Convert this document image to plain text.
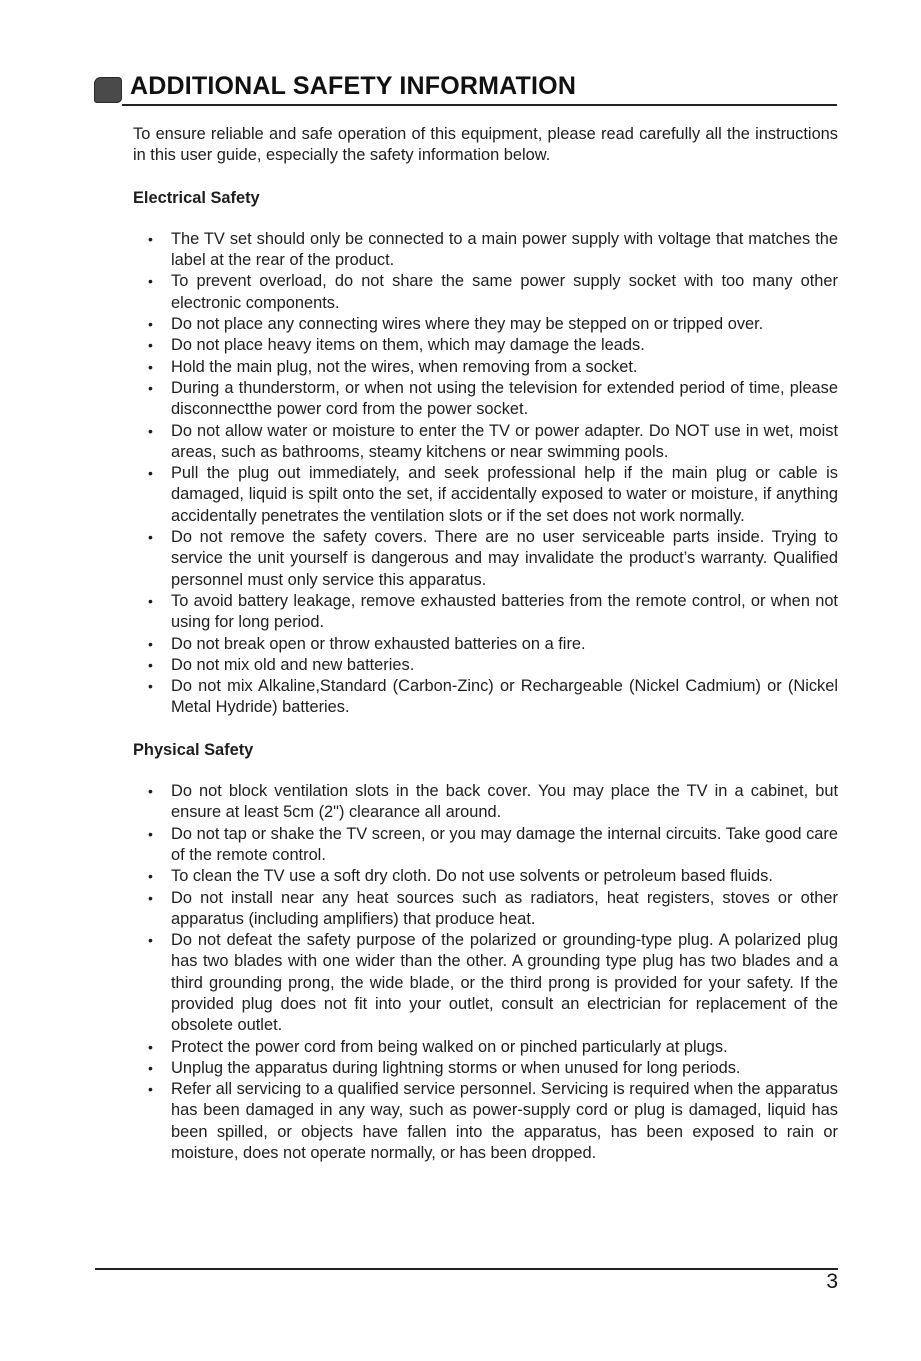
ADDITIONAL SAFETY INFORMATION

To ensure reliable and safe operation of this equipment, please read carefully all the instructions in this user guide, especially the safety information below.

Electrical Safety

• The TV set should only be connected to a main power supply with voltage that matches the label at the rear of the product.
• To prevent overload, do not share the same power supply socket with too many other electronic components.
• Do not place any connecting wires where they may be stepped on or tripped over.
• Do not place heavy items on them, which may damage the leads.
• Hold the main plug, not the wires, when removing from a socket.
• During a thunderstorm, or when not using the television for extended period of time, please disconnectthe power cord from the power socket.
• Do not allow water or moisture to enter the TV or power adapter. Do NOT use in wet, moist areas, such as bathrooms, steamy kitchens or near swimming pools.
• Pull the plug out immediately, and seek professional help if the main plug or cable is damaged, liquid is spilt onto the set, if accidentally exposed to water or moisture, if anything accidentally penetrates the ventilation slots or if the set does not work normally.
• Do not remove the safety covers. There are no user serviceable parts inside. Trying to service the unit yourself is dangerous and may invalidate the product’s warranty. Qualified personnel must only service this apparatus.
• To avoid battery leakage, remove exhausted batteries from the remote control, or when not using for long period.
• Do not break open or throw exhausted batteries on a fire.
• Do not mix old and new batteries.
• Do not mix Alkaline,Standard (Carbon-Zinc) or Rechargeable (Nickel Cadmium) or (Nickel Metal Hydride) batteries.

Physical Safety

• Do not block ventilation slots in the back cover. You may place the TV in a cabinet, but ensure at least 5cm (2") clearance all around.
• Do not tap or shake the TV screen, or you may damage the internal circuits. Take good care of the remote control.
• To clean the TV use a soft dry cloth. Do not use solvents or petroleum based fluids.
• Do not install near any heat sources such as radiators, heat registers, stoves or other apparatus (including amplifiers) that produce heat.
• Do not defeat the safety purpose of the polarized or grounding-type plug. A polarized plug has two blades with one wider than the other. A grounding type plug has two blades and a third grounding prong, the wide blade, or the third prong is provided for your safety. If the provided plug does not fit into your outlet, consult an electrician for replacement of the obsolete outlet.
• Protect the power cord from being walked on or pinched particularly at plugs.
• Unplug the apparatus during lightning storms or when unused for long periods.
• Refer all servicing to a qualified service personnel. Servicing is required when the apparatus has been damaged in any way, such as power-supply cord or plug is damaged, liquid has been spilled, or objects have fallen into the apparatus, has been exposed to rain or moisture, does not operate normally, or has been dropped.
3
